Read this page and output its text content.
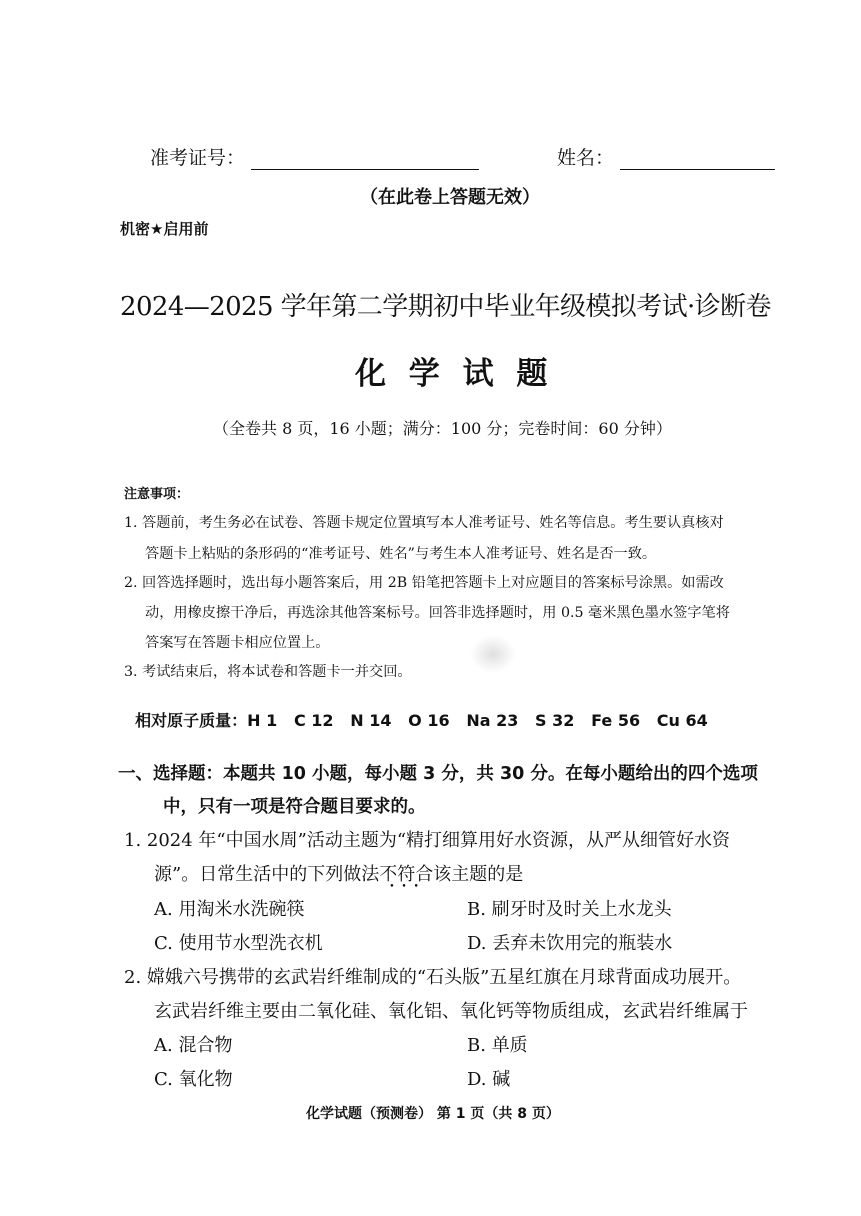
准考证号：	姓名：
（在此卷上答题无效）
机密★启用前
2024—2025 学年第二学期初中毕业年级模拟考试·诊断卷
化 学 试 题
（全卷共 8 页，16 小题；满分：100 分；完卷时间：60 分钟）
注意事项：
1. 答题前，考生务必在试卷、答题卡规定位置填写本人准考证号、姓名等信息。考生要认真核对
答题卡上粘贴的条形码的“准考证号、姓名”与考生本人准考证号、姓名是否一致。
2. 回答选择题时，选出每小题答案后，用 2B 铅笔把答题卡上对应题目的答案标号涂黑。如需改
动，用橡皮擦干净后，再选涂其他答案标号。回答非选择题时，用 0.5 毫米黑色墨水签字笔将
答案写在答题卡相应位置上。
3. 考试结束后，将本试卷和答题卡一并交回。

相对原子质量：H 1   C 12   N 14   O 16   Na 23   S 32   Fe 56   Cu 64

一、选择题：本题共 10 小题，每小题 3 分，共 30 分。在每小题给出的四个选项
中，只有一项是符合题目要求的。
1. 2024 年“中国水周”活动主题为“精打细算用好水资源，从严从细管好水资
源”。日常生活中的下列做法不符合 • • •该主题的是
A. 用淘米水洗碗筷	B. 刷牙时及时关上水龙头
C. 使用节水型洗衣机	D. 丢弃未饮用完的瓶装水
2. 嫦娥六号携带的玄武岩纤维制成的“石头版”五星红旗在月球背面成功展开。
玄武岩纤维主要由二氧化硅、氧化铝、氧化钙等物质组成，玄武岩纤维属于
A. 混合物	B. 单质
C. 氧化物	D. 碱
化学试题（预测卷） 第 1 页（共 8 页）
